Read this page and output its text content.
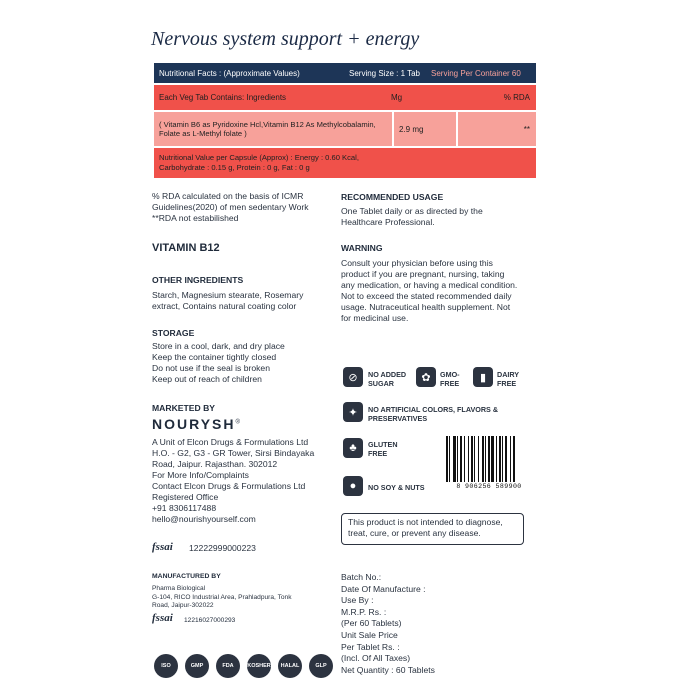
Nervous system support + energy
Nutritional Facts : (Approximate Values)	Serving Size : 1 Tab	Serving Per Container 60
Each Veg Tab Contains: Ingredients	Mg	% RDA
( Vitamin B6 as Pyridoxine Hcl,Vitamin B12 As Methylcobalamin, Folate as L-Methyl folate )	2.9 mg	**
Nutritional Value per Capsule (Approx) : Energy : 0.60 Kcal, Carbohydrate : 0.15 g, Protein : 0 g, Fat : 0 g
% RDA calculated on the basis of ICMR Guidelines(2020) of men sedentary Work
**RDA not estabilished
VITAMIN B12
OTHER INGREDIENTS
Starch, Magnesium stearate, Rosemary extract, Contains natural coating color
STORAGE
Store in a cool, dark, and dry place
Keep the container tightly closed
Do not use if the seal is broken
Keep out of reach of children
MARKETED BY
NOURYSH®
A Unit of Elcon Drugs & Formulations Ltd
H.O. - G2, G3 - GR Tower, Sirsi Bindayaka
Road, Jaipur. Rajasthan. 302012
For More Info/Complaints
Contact Elcon Drugs & Formulations Ltd
Registered Office
+91 8306117488
hello@nourishyourself.com
fssai 12222999000223
MANUFACTURED BY
Pharma Biological
G-104, RICO Industrial Area, Prahladpura, Tonk
Road, Jaipur-302022
fssai 12216027000293
ISO	GMP	FDA	KOSHER	HALAL	GLP
RECOMMENDED USAGE
One Tablet daily or as directed by the Healthcare Professional.
WARNING
Consult your physician before using this product if you are pregnant, nursing, taking any medication, or having a medical condition. Not to exceed the stated recommended daily usage. Nutraceutical health supplement. Not for medicinal use.
⊘	NO ADDED SUGAR	✿	GMO-FREE	▮	DAIRY FREE
✦	NO ARTIFICIAL COLORS, FLAVORS & PRESERVATIVES
♣	GLUTEN FREE
●	NO SOY & NUTS	8 906256 589900
This product is not intended to diagnose, treat, cure, or prevent any disease.
Batch No.:
Date Of Manufacture :
Use By :
M.R.P. Rs. :
(Per 60 Tablets)
Unit Sale Price
Per Tablet Rs. :
(Incl. Of All Taxes)
Net Quantity : 60 Tablets
